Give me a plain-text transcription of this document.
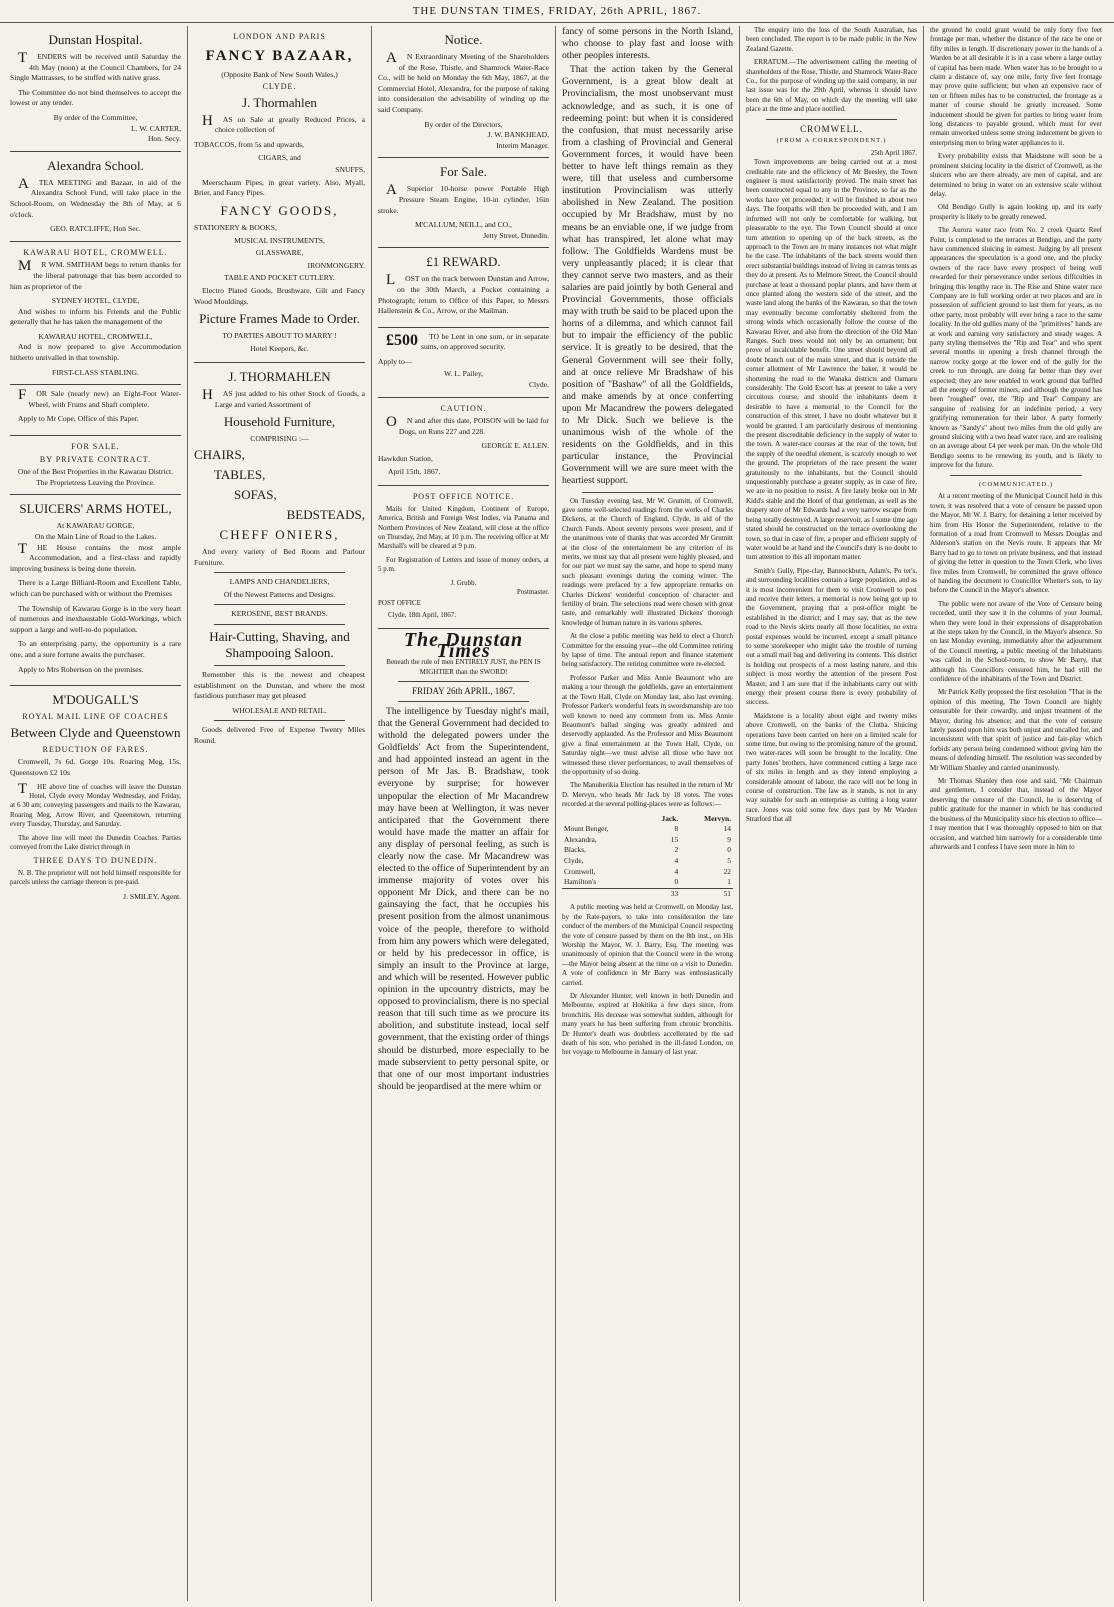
THE DUNSTAN TIMES, FRIDAY, 26th APRIL, 1867.
Dunstan Hospital.

TENDERS will be received until Saturday the 4th May (noon) at the Council Chambers, for 24 Single Mattrasses, to be stuffed with native grass.

The Committee do not bind themselves to accept the lowest or any tender.

By order of the Committee,
L. W. CARTER,
Hon. Secy.
Alexandra School.

ATEA MEETING and Bazaar, in aid of the Alexandra School Fund, will take place in the School-Room, on Wednesday the 8th of May, at 6 o'clock.

GEO. RATCLIFFE, Hon Sec.
KAWARAU HOTEL, CROMWELL.

MR WM. SMITHAM begs to return thanks for the liberal patronage that has been accorded to him as proprietor of the

SYDNEY HOTEL, CLYDE,

And wishes to inform his Friends and the Public generally that he has taken the management of the

KAWARAU HOTEL, CROMWELL,

And is now prepared to give Accommodation hitherto unrivalled in that township.

FIRST-CLASS STABLING.

FOR Sale (nearly new) an Eight-Foot Water-Wheel, with Frums and Shaft complete.

Apply to Mr Cope, Office of this Paper.

FOR SALE.
BY PRIVATE CONTRACT.
One of the Best Properties in the Kawarau District.
The Proprietress Leaving the Province.
SLUICERS' ARMS HOTEL,
At KAWARAU GORGE,
On the Main Line of Road to the Lakes.

THE House contains the most ample Accommodation, and a first-class and rapidly improving business is being done therein.

There is a Large Billiard-Room and Excellent Table, which can be purchased with or without the Premises

The Township of Kawarau Gorge is in the very heart of numerous and inexhaustable Gold-Workings, which support a large and well-to-do population.

To an enterprising party, the opportunity is a rare one, and a sure fortune awaits the purchaser.

Apply to Mrs Robertson on the premises.

M'DOUGALL'S
ROYAL MAIL LINE OF COACHES
Between Clyde and Queenstown
REDUCTION OF FARES.

Cromwell, 7s 6d. Gorge 10s. Roaring Meg, 15s. Queenstown £2 10s

THE above line of coaches will leave the Dunstan Hotel, Clyde every Monday Wednesday, and Friday, at 6 30 am; conveying passengers and mails to the Kawarau, Roaring Meg, Arrow River, and Queenstown, returning every Tuesday, Thursday, and Saturday.

The above line will meet the Dunedin Coaches. Parties conveyed from the Lake district through in

THREE DAYS TO DUNEDIN.

N. B. The proprietor will not hold himself responsible for parcels unless the carriage thereon is pre-paid.

J. SMILEY, Agent.
LONDON AND PARIS
FANCY BAZAAR,
(Opposite Bank of New South Wales,)
CLYDE.
J. Thormahlen

HAS on Sale at greatly Reduced Prices, a choice collection of

TOBACCOS, from 5s and upwards,
CIGARS, and
SNUFFS,

Meerschaum Pipes, in great variety. Also, Myall, Brier, and Fancy Pipes.

FANCY GOODS,
STATIONERY & BOOKS,
MUSICAL INSTRUMENTS,
GLASSWARE,
IRONMONGERY.
TABLE AND POCKET CUTLERY.

Electro Plated Goods, Brushware, Gilt and Fancy Wood Mouldings.

Picture Frames Made to Order.
TO PARTIES ABOUT TO MARRY !
Hotel Keepers, &c.
J. THORMAHLEN

HAS just added to his other Stock of Goods, a Large and varied Assortment of

Household Furniture,
COMPRISING :—
CHAIRS,
TABLES,
SOFAS,
BEDSTEADS,
CHEFF ONIERS,

And every variety of Bed Room and Parlour Furniture.

LAMPS AND CHANDELIERS,
Of the Newest Patterns and Designs.
KEROSENE, BEST BRANDS.
Hair-Cutting, Shaving, and Shampooing Saloon.

Remember this is the newest and cheapest establishment on the Dunstan, and where the most fastidious purchaser may get pleased

WHOLESALE AND RETAIL.

Goods delivered Free of Expense Twenty Miles Round.

Notice.

AN Extraordinary Meeting of the Shareholders of the Rose, Thistle, and Shamrock Water-Race Co., will be held on Monday the 6th May, 1867, at the Commercial Hotel, Alexandra, for the purpose of taking into consideration the advisability of winding up the said Company.

By order of the Directors,
J. W. BANKHEAD,
Interim Manager.
For Sale.

ASuperior 10-horse power Portable High Pressure Steam Engine, 10-in cylinder, 16in stroke.

M'CALLUM, NEILL, and CO.,
Jetty Street, Dunedin.
£1 REWARD.

LOST on the track between Dunstan and Arrow, on the 30th March, a Pocket containing a Photograph; return to Office of this Paper, to Messrs Hallenstein & Co., Arrow, or the Mailman.

£500	TO be Lent in one sum, or in separate sums, on approved security.

Apply to—
W. L. Pailey,
Clyde.
CAUTION.

ON and after this date, POISON will be laid for Dogs, on Runs 227 and 228.

GEORGE E. ALLEN.
Hawkdun Station,
April 15th, 1867.
POST OFFICE NOTICE.

Mails for United Kingdom, Continent of Europe, America, British and Foreign West Indies, via Panama and Northern Provinces of New Zealand, will close at the office on Thursday, 2nd May, at 10 p.m. The receiving office at Mr Marshall's will be cleared at 9 p.m.

For Registration of Letters and issue of money orders, at 5 p.m.

J. Grubb.
Postmaster.
POST OFFICE
Clyde, 18th April, 1867.
The Dunstan Times
Beneath the rule of men ENTIRELY JUST, the PEN IS MIGHTIER than the SWORD!
FRIDAY 26th APRIL, 1867.

The intelligence by Tuesday night's mail, that the General Government had decided to withold the delegated powers under the Goldfields' Act from the Superintendent, and had appointed instead an agent in the person of Mr Jas. B. Bradshaw, took everyone by surprise; for however unpopular the election of Mr Macandrew may have been at Wellington, it was never anticipated that the Government there would have made the matter an affair for any display of personal feeling, as such is clearly now the case. Mr Macandrew was elected to the office of Superintendent by an immense majority of votes over his opponent Mr Dick, and there can be no gainsaying the fact, that he occupies his present position from the almost unanimous voice of the people, therefore to withold from him any powers which were delegated, or held by his predecessor in office, is simply an insult to the Province at large, and which will be resented. However public opinion in the upcountry districts, may be opposed to provincialism, there is no special reason that till such time as we procure its abolition, and substitute instead, local self government, that the existing order of things should be disturbed, more especially to be made subservient to petty personal spite, or that one of our most important industries should be jeopardised at the mere whim or

fancy of some persons in the North Island, who choose to play fast and loose with other peoples interests.

That the action taken by the General Government, is a great blow dealt at Provincialism, the most unobservant must acknowledge, and as such, it is one of redeeming point: but when it is considered the confusion, that must necessarily arise from a clashing of Provincial and General Government forces, it would have been better to have left things remain as they were, till that useless and cumbersome institution Provincialism was utterly abolished in New Zealand. The position occupied by Mr Bradshaw, must by no means be an enviable one, if we judge from what has transpired, let alone what may follow. The Goldfields Wardens must be very unpleasantly placed; it is clear that they cannot serve two masters, and as their salaries are paid jointly by both General and Provincial Governments, those officials may with truth be said to be placed upon the horns of a dilemma, and which cannot fail but to impair the efficiency of the public service. It is greatly to be desired, that the General Government will see their folly, and at once relieve Mr Bradshaw of his position of "Bashaw" of all the Goldfields, and make amends by at once conferring upon Mr Macandrew the powers delegated to Mr Dick. Such we believe is the unanimous wish of the whole of the residents on the Goldfields, and in this particular instance, the Provincial Government will we are sure meet with the heartiest support.

On Tuesday evening last, Mr W. Grumitt, of Cromwell, gave some well-selected readings from the works of Charles Dickens, at the Church of England, Clyde, in aid of the Church Funds. About seventy persons were present, and if the unanimous vote of thanks that was accorded Mr Grumitt at the close of the entertainment be any criterion of its merits, we must say that all present were highly pleased, and for our part we must say the same, and hope to spend many such pleasant evenings during the coming winter. The readings were prefaced by a few appropriate remarks on Charles Dickens' wonderful conception of character and fertility of brain. The selections read were chosen with great taste, and remarkably well illustrated Dickens' thorough knowledge of human nature in its various spheres.

At the close a public meeting was held to elect a Church Committee for the ensuing year—the old Committee retiring by lapse of time. The annual report and finance statement being satisfactory. The retiring committee were re-elected.

Professor Parker and Miss Annie Beaumont who are making a tour through the goldfields, gave an entertainment at the Town Hall, Clyde on Monday last, also last evening. Professor Parker's wonderful feats in swordsmanship are too well known to need any comment from us. Miss Annie Beaumont's ballad singing was greatly admired and deservedly applauded. As the Professor and Miss Beaumont give a final entertainment at the Town Hall, Clyde, on Saturday night—we must advise all those who have not witnessed these clever performances, to avail themselves of the opportunity of so doing.

The Manuherikia Election has resulted in the return of Mr D. Mervyn, who heads Mr Jack by 18 votes. The votes recorded at the several polling-places were as follows:—

	Jack.	Mervyn.
Mount Benger,	8	14
Alexandra,	15	9
Blacks,	2	0
Clyde,	4	5
Cromwell,	4	22
Hamilton's	0	1
	33	51

A public meeting was held at Cromwell, on Monday last, by the Rate-payers, to take into consideration the late conduct of the members of the Municipal Council respecting the vote of censure passed by them on the 8th inst., on His Worship the Mayor, W. J. Barry, Esq. The meeting was unanimously of opinion that the Council were in the wrong—the Mayor being absent at the time on a visit to Dunedin. A vote of confidence in Mr Barry was enthusiastically carried.

Dr Alexander Hunter, well known in both Dunedin and Melbourne, expired at Hokitika a few days since, from bronchitis. His decease was somewhat sudden, although for many years he has been suffering from chronic bronchitis. Dr Hunter's death was doubtless accellerated by the sad death of his son, who perished in the ill-fated London, on her voyage to Melbourne in January of last year.

The enquiry into the loss of the South Australian, has been concluded. The report is to be made public in the New Zealand Gazette.

ERRATUM.—The advertisement calling the meeting of shareholders of the Rose, Thistle, and Shamrock Water-Race Co., for the purpose of winding up the said company, in our last issue was for the 29th April, whereas it should have been the 6th of May, on which day the meeting will take place at the time and place notified.

CROMWELL.
(FROM A CORRESPONDENT.)
25th April 1867.

Town improvements are being carried out at a most creditable rate and the efficiency of Mr Beesley, the Town engineer is most satisfactorily proved. The main street has been constructed equal to any in the Province, so far as the works have yet proceeded; it will be finished in about two days. The footpaths will then be proceeded with, and I am informed will not only be comfortable for walking, but pleasurable to the eye. The Town Council should at once turn attention to opening up of the back streets, as the approach to the Town are in many instances not what might be the case. The inhabitants of the back streets would then erect substantial buildings instead of living in canvas tents as they do at present. As to Melmore Street, the Council should purchase at least a thousand poplar plants, and have them at once planted along the western side of the street, and the waste land along the banks of the Kawarau, so that the town may eventually become comfortably sheltered from the strong winds which occasionally follow the course of the Kawarau River, and also from the direction of the Old Man Ranges. Such trees would not only be an ornament; but prove of incalculable benefit. One street should beyond all doubt branch out of the main street, and that is outside the corner allotment of Mr Lawrence the baker, it would be shortening the road to the Wanaka districts and Oamaru considerably. The Gold Escort has at present to take a very circuitous course, and should the inhabitants deem it desirable to have a memorial to the Council for the construction of this street, I have no doubt whatever but it would be granted. I am particularly desirous of mentioning the present discreditable deficiency in the supply of water to the town. A water-race courses at the rear of the town, but the supply of the needful element, is scarcely enough to wet the ground. The proprietors of the race present the water gratuitously to the inhabitants, but the Council should unquestionably purchase a greater supply, as in case of fire, we are in no position to resist. A fire lately broke out in Mr Kidd's stable and the Hotel of that gentleman, as well as the drapery store of Mr Edwards had a very narrow escape from being totally destroyed. A large reservoir, as I some time ago stated should be constructed on the terrace overlooking the town, so that in case of fire, a proper and efficient supply of water would be at hand and the Council's duty is no doubt to turn attention to this all important matter.

Smith's Gully, Pipe-clay, Bannockburn, Adam's, Po ter's, and surrounding localities contain a large population, and as it is most inconvenient for them to visit Cromwell to post and receive their letters, a memorial is now being got up to the Government, praying that a post-office might be established in the district; and I may say, that as the new road to the Nevis skirts nearly all those localities, no extra postal expenses would be incurred, except a small pittance to some storekeeper who might take the trouble of turning out a small mail bag and delivering its contents. This district is holding out prospects of a most lasting nature, and this subject is most worthy the attention of the present Post Master, and I am sure that if the inhabitants carry out with energy their present course there is every probability of success.

Maidstone is a locality about eight and twenty miles above Cromwell, on the banks of the Clutha. Sluicing operations have been carried on here on a limited scale for some time, but owing to the promising nature of the ground, two water-races will soon be brought to the locality. One party Jones' brothers, have commenced cutting a large race of six miles in length and as they intend employing a considerable amount of labour, the race will not be long in course of construction. The law as it stands, is not in any way suitable for such an enterprise as cutting a long water race. Jones was told some few days past by Mr Warden Stratford that all

the ground he could grant would be only forty five feet frontage per man, whether the distance of the race be one or fifty miles in length. If discretionary power in the hands of a Warden be at all desirable it is in a case where a large outlay of capital has been made. When water has to be brought to a claim a distance of, say one mile, forty five feet frontage may prove quite sufficient; but when an expensive race of ten or fifteen miles has to be constructed, the frontage as a matter of course should be greatly increased. Some inducement should be given for parties to bring water from long distances to payable ground, which must for ever remain unworked unless some strong inducement be given to enterprising men to bring water appliances to it.

Every probability exists that Maidstone will soon be a prominent sluicing locality in the district of Cromwell, as the sluicers who are there already, are men of capital, and are determined to bring in water on an extensive scale without delay.

Old Bendigo Gully is again looking up, and its early prosperity is likely to be greatly renewed.

The Aurora water race from No. 2 creek Quartz Reef Point, is completed to the terraces at Bendigo, and the party have commenced sluicing in earnest. Judging by all present appearances the speculation is a good one, and the plucky owners of the race have every prospect of being well rewarded for their perseverance under serious difficulties in bringing this lengthy race in. The Rise and Shine water race Company are in full working order at two places and are in possession of sufficient ground to last them for years, as no other party, most probably will ever bring a race to the same locality. In the old gullies many of the "primitives" hands are at work and earning very satisfactory and steady wages. A party styling themselves the "Rip and Tear" and who spent several months in opening a fresh channel through the narrow rocky gorge at the lower end of the gully for the creek to run through, are doing far better than they ever expected; they are now enabled to work ground that baffled all the energy of former miners, and although the ground has been "roughed" over, the "Rip and Tear" Company are sanguine of realising for an indefinite period, a very gratifying remuneration for their labor. A party formerly known as "Sandy's" about two miles from the old gully are ground sluicing with a two head water race, and are realising on an average about £4 per week per man. On the whole Old Bendigo seems to be renewing its youth, and is likely to improve for the future.

(COMMUNICATED.)

At a recent meeting of the Municipal Council held in this town, it was resolved that a vote of censure be passed upon the Mayor, Mr W. J. Barry, for detaining a letter received by him from His Honor the Superintendent, relative to the formation of a road from Cromwell to Messrs Douglas and Alderson's station on the Nevis route. It appears that Mr Barry had to go to town on private business, and that instead of giving the letter in question to the Town Clerk, who lives five miles from Cromwell, he committed the grave offence of handing the document to Councillor Whetter's son, to lay before the Council in the Mayor's absence.

The public were not aware of the Vote of Censure being recorded, until they saw it in the columns of your Journal, when they were loud in their expressions of disapprobation at the steps taken by the Council, in the Mayor's absence. So on last Monday evening, immediately after the adjournment of the Council meeting, a public meeting of the Inhabitants was called in the School-room, to show Mr Barry, that although his Councillors censured him, he had still the confidence of the inhabitants of the Town and District.

Mr Patrick Kelly proposed the first resolution "That in the opinion of this meeting, The Town Council are highly censurable for their cowardly, and unjust treatment of the Mayor, during his absence; and that the vote of censure lately passed upon him was both unjust and uncalled for, and inconsistent with that spirit of justice and fair-play which forbids any person being condemned without giving him the means of defending himself. The resolution was seconded by Mr William Shanley and carried unanimously.

Mr Thomas Shanley then rose and said, "Mr Chairman and gentlemen, I consider that, instead of the Mayor deserving the censure of the Council, he is deserving of public gratitude for the manner in which he has conducted the business of the Municipality since his election to office—I may mention that I was thoroughly opposed to him on that occasion, and watched him narrowly for a considerable time afterwards and I confess I have seen more in him to
